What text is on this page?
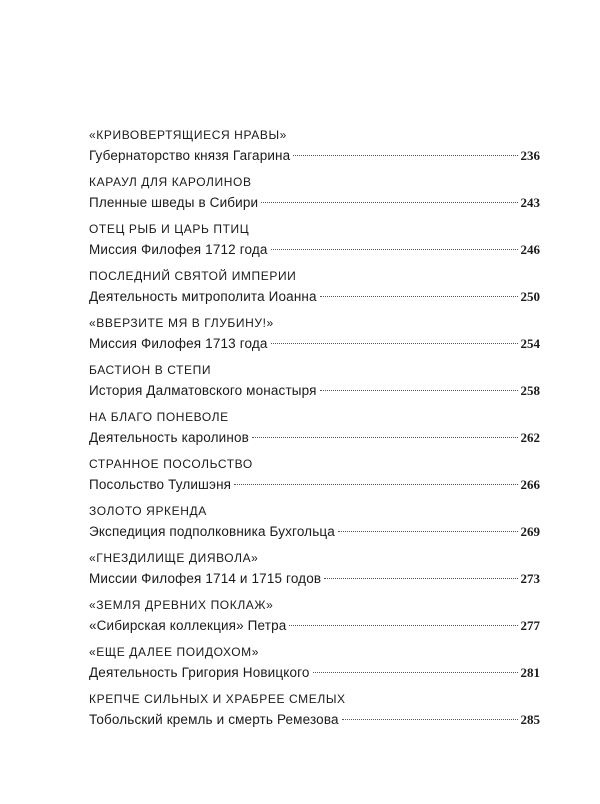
«КРИВОВЕРТЯЩИЕСЯ НРАВЫ»
Губернаторство князя Гагарина	236
КАРАУЛ ДЛЯ КАРОЛИНОВ
Пленные шведы в Сибири	243
ОТЕЦ РЫБ И ЦАРЬ ПТИЦ
Миссия Филофея 1712 года	246
ПОСЛЕДНИЙ СВЯТОЙ ИМПЕРИИ
Деятельность митрополита Иоанна	250
«ВВЕРЗИТЕ МЯ В ГЛУБИНУ!»
Миссия Филофея 1713 года	254
БАСТИОН В СТЕПИ
История Далматовского монастыря	258
НА БЛАГО ПОНЕВОЛЕ
Деятельность каролинов	262
СТРАННОЕ ПОСОЛЬСТВО
Посольство Тулишэня	266
ЗОЛОТО ЯРКЕНДА
Экспедиция подполковника Бухгольца	269
«ГНЕЗДИЛИЩЕ ДИЯВОЛА»
Миссии Филофея 1714 и 1715 годов	273
«ЗЕМЛЯ ДРЕВНИХ ПОКЛАЖ»
«Сибирская коллекция» Петра	277
«ЕЩЕ ДАЛЕЕ ПОИДОХОМ»
Деятельность Григория Новицкого	281
КРЕПЧЕ СИЛЬНЫХ И ХРАБРЕЕ СМЕЛЫХ
Тобольский кремль и смерть Ремезова	285
